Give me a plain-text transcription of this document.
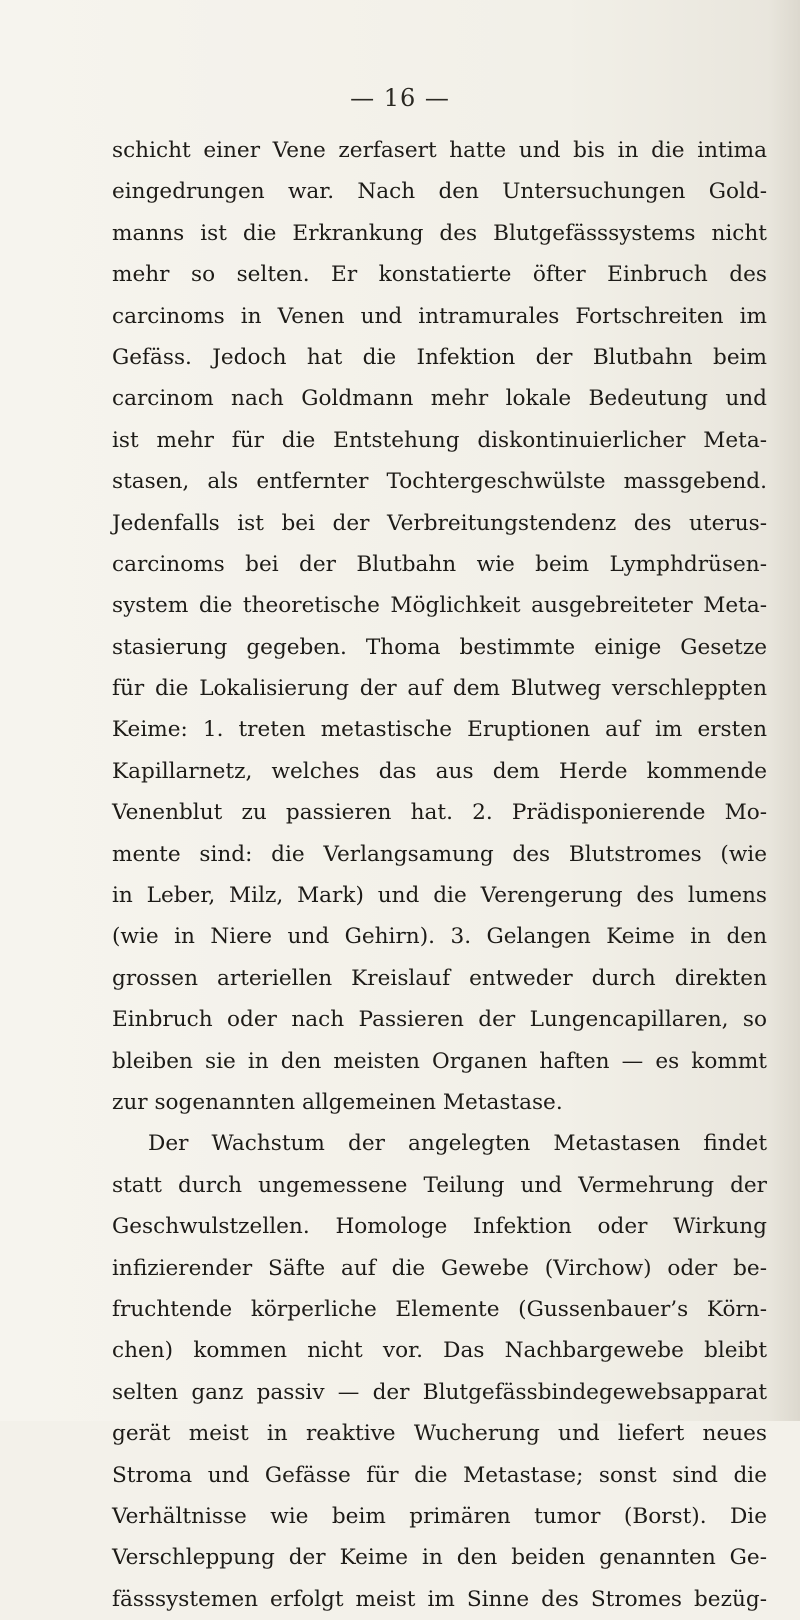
— 16 —
schicht einer Vene zerfasert hatte und bis in die intima
eingedrungen war. Nach den Untersuchungen Gold-
manns ist die Erkrankung des Blutgefässsystems nicht
mehr so selten. Er konstatierte öfter Einbruch des
carcinoms in Venen und intramurales Fortschreiten im
Gefäss. Jedoch hat die Infektion der Blutbahn beim
carcinom nach Goldmann mehr lokale Bedeutung und
ist mehr für die Entstehung diskontinuierlicher Meta-
stasen, als entfernter Tochtergeschwülste massgebend.
Jedenfalls ist bei der Verbreitungstendenz des uterus-
carcinoms bei der Blutbahn wie beim Lymphdrüsen-
system die theoretische Möglichkeit ausgebreiteter Meta-
stasierung gegeben. Thoma bestimmte einige Gesetze
für die Lokalisierung der auf dem Blutweg verschleppten
Keime: 1. treten metastische Eruptionen auf im ersten
Kapillarnetz, welches das aus dem Herde kommende
Venenblut zu passieren hat. 2. Prädisponierende Mo-
mente sind: die Verlangsamung des Blutstromes (wie
in Leber, Milz, Mark) und die Verengerung des lumens
(wie in Niere und Gehirn). 3. Gelangen Keime in den
grossen arteriellen Kreislauf entweder durch direkten
Einbruch oder nach Passieren der Lungencapillaren, so
bleiben sie in den meisten Organen haften — es kommt
zur sogenannten allgemeinen Metastase.
Der Wachstum der angelegten Metastasen findet
statt durch ungemessene Teilung und Vermehrung der
Geschwulstzellen. Homologe Infektion oder Wirkung
infizierender Säfte auf die Gewebe (Virchow) oder be-
fruchtende körperliche Elemente (Gussenbauer’s Körn-
chen) kommen nicht vor. Das Nachbargewebe bleibt
selten ganz passiv — der Blutgefässbindegewebsapparat
gerät meist in reaktive Wucherung und liefert neues
Stroma und Gefässe für die Metastase; sonst sind die
Verhältnisse wie beim primären tumor (Borst). Die
Verschleppung der Keime in den beiden genannten Ge-
fässsystemen erfolgt meist im Sinne des Stromes bezüg-
